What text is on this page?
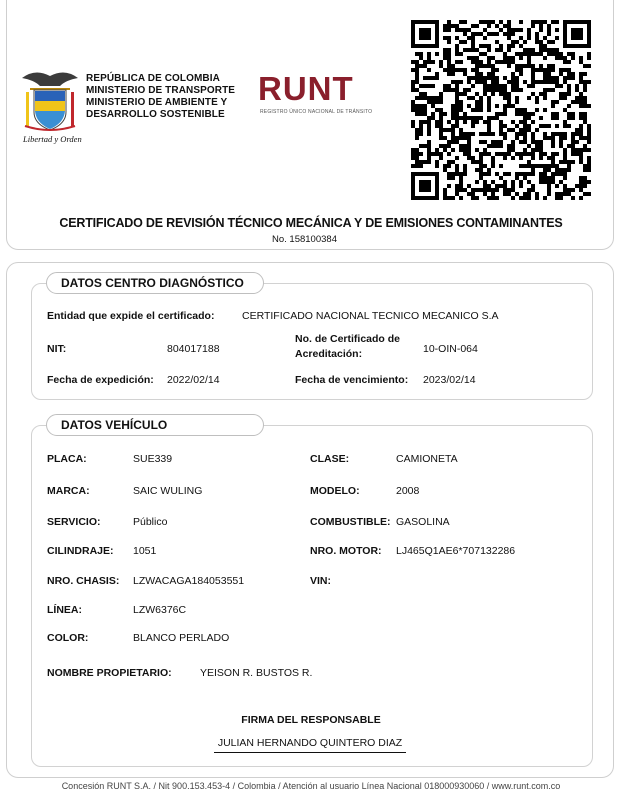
Libertad y Orden
REPÚBLICA DE COLOMBIA
MINISTERIO DE TRANSPORTE
MINISTERIO DE AMBIENTE Y
DESARROLLO SOSTENIBLE
RUNT
REGISTRO ÚNICO NACIONAL DE TRÁNSITO
CERTIFICADO DE REVISIÓN TÉCNICO MECÁNICA Y DE EMISIONES CONTAMINANTES
No. 158100384
DATOS CENTRO DIAGNÓSTICO
Entidad que expide el certificado:	CERTIFICADO NACIONAL TECNICO MECANICO S.A
NIT:	804017188
No. de Certificado de
Acreditación:	10-OIN-064
Fecha de expedición: 2022/02/14	Fecha de vencimiento: 2023/02/14
DATOS VEHÍCULO
PLACA:	SUE339	CLASE:	CAMIONETA
MARCA:	SAIC WULING	MODELO:	2008
SERVICIO:	Público	COMBUSTIBLE: GASOLINA
CILINDRAJE: 1051	NRO. MOTOR: LJ465Q1AE6*707132286
NRO. CHASIS: LZWACAGA184053551	VIN:
LÍNEA:	LZW6376C
COLOR:	BLANCO PERLADO
NOMBRE PROPIETARIO:	YEISON R. BUSTOS R.
FIRMA DEL RESPONSABLE
JULIAN HERNANDO QUINTERO DIAZ
Concesión RUNT S.A. / Nit 900.153.453-4 / Colombia / Atención al usuario Línea Nacional 018000930060 / www.runt.com.co
